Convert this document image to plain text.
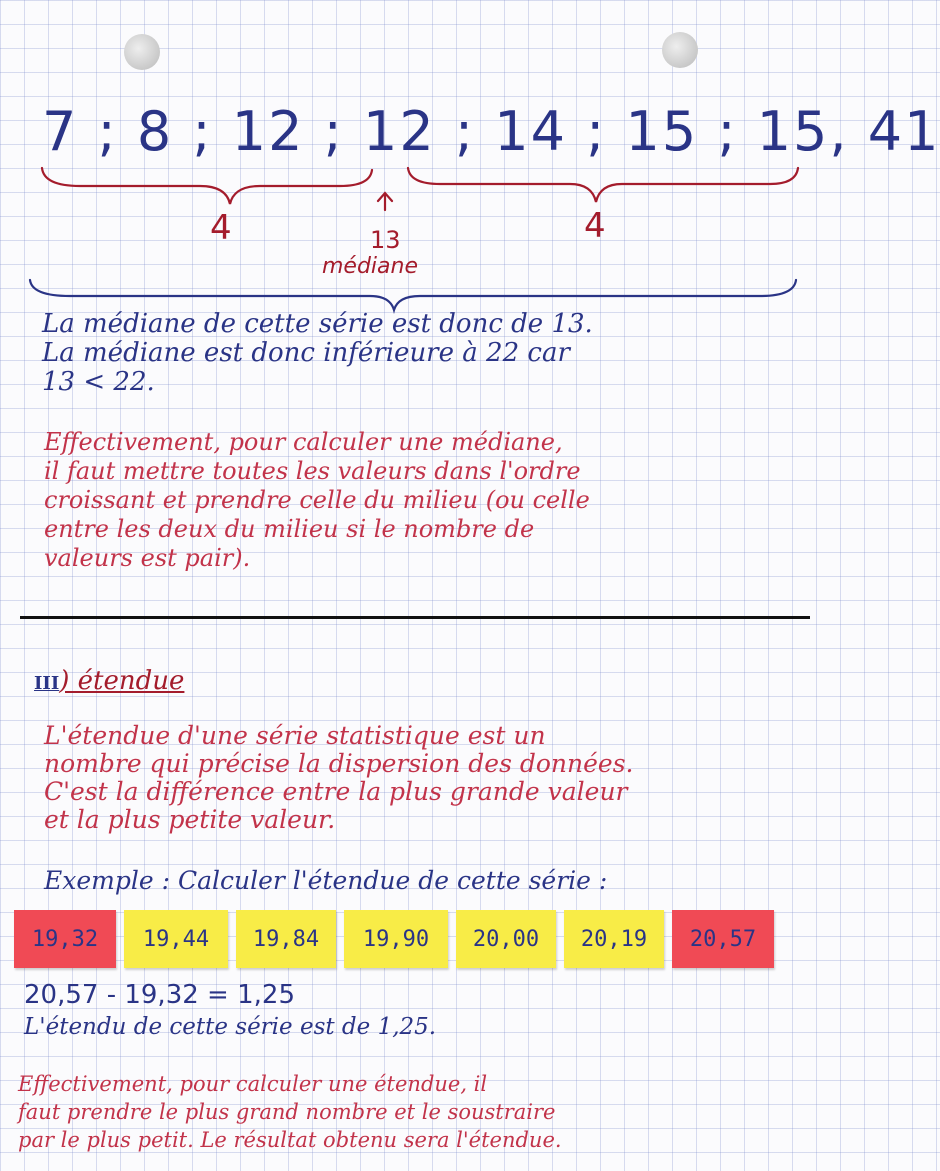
7 ; 8 ; 12 ; 12 ; 14 ; 15 ; 15, 41
4	4
13
médiane
La médiane de cette série est donc de 13.
La médiane est donc inférieure à 22 car
13 < 22.
Effectivement, pour calculer une médiane,
il faut mettre toutes les valeurs dans l'ordre
croissant et prendre celle du milieu (ou celle
entre les deux du milieu si le nombre de
valeurs est pair).
III) étendue
L'étendue d'une série statistique est un
nombre qui précise la dispersion des données.
C'est la différence entre la plus grande valeur
et la plus petite valeur.
Exemple : Calculer l'étendue de cette série :
19,32 19,44 19,84 19,90 20,00 20,19 20,57
20,57 - 19,32 = 1,25
L'étendu de cette série est de 1,25.
Effectivement, pour calculer une étendue, il
faut prendre le plus grand nombre et le soustraire
par le plus petit. Le résultat obtenu sera l'étendue.
